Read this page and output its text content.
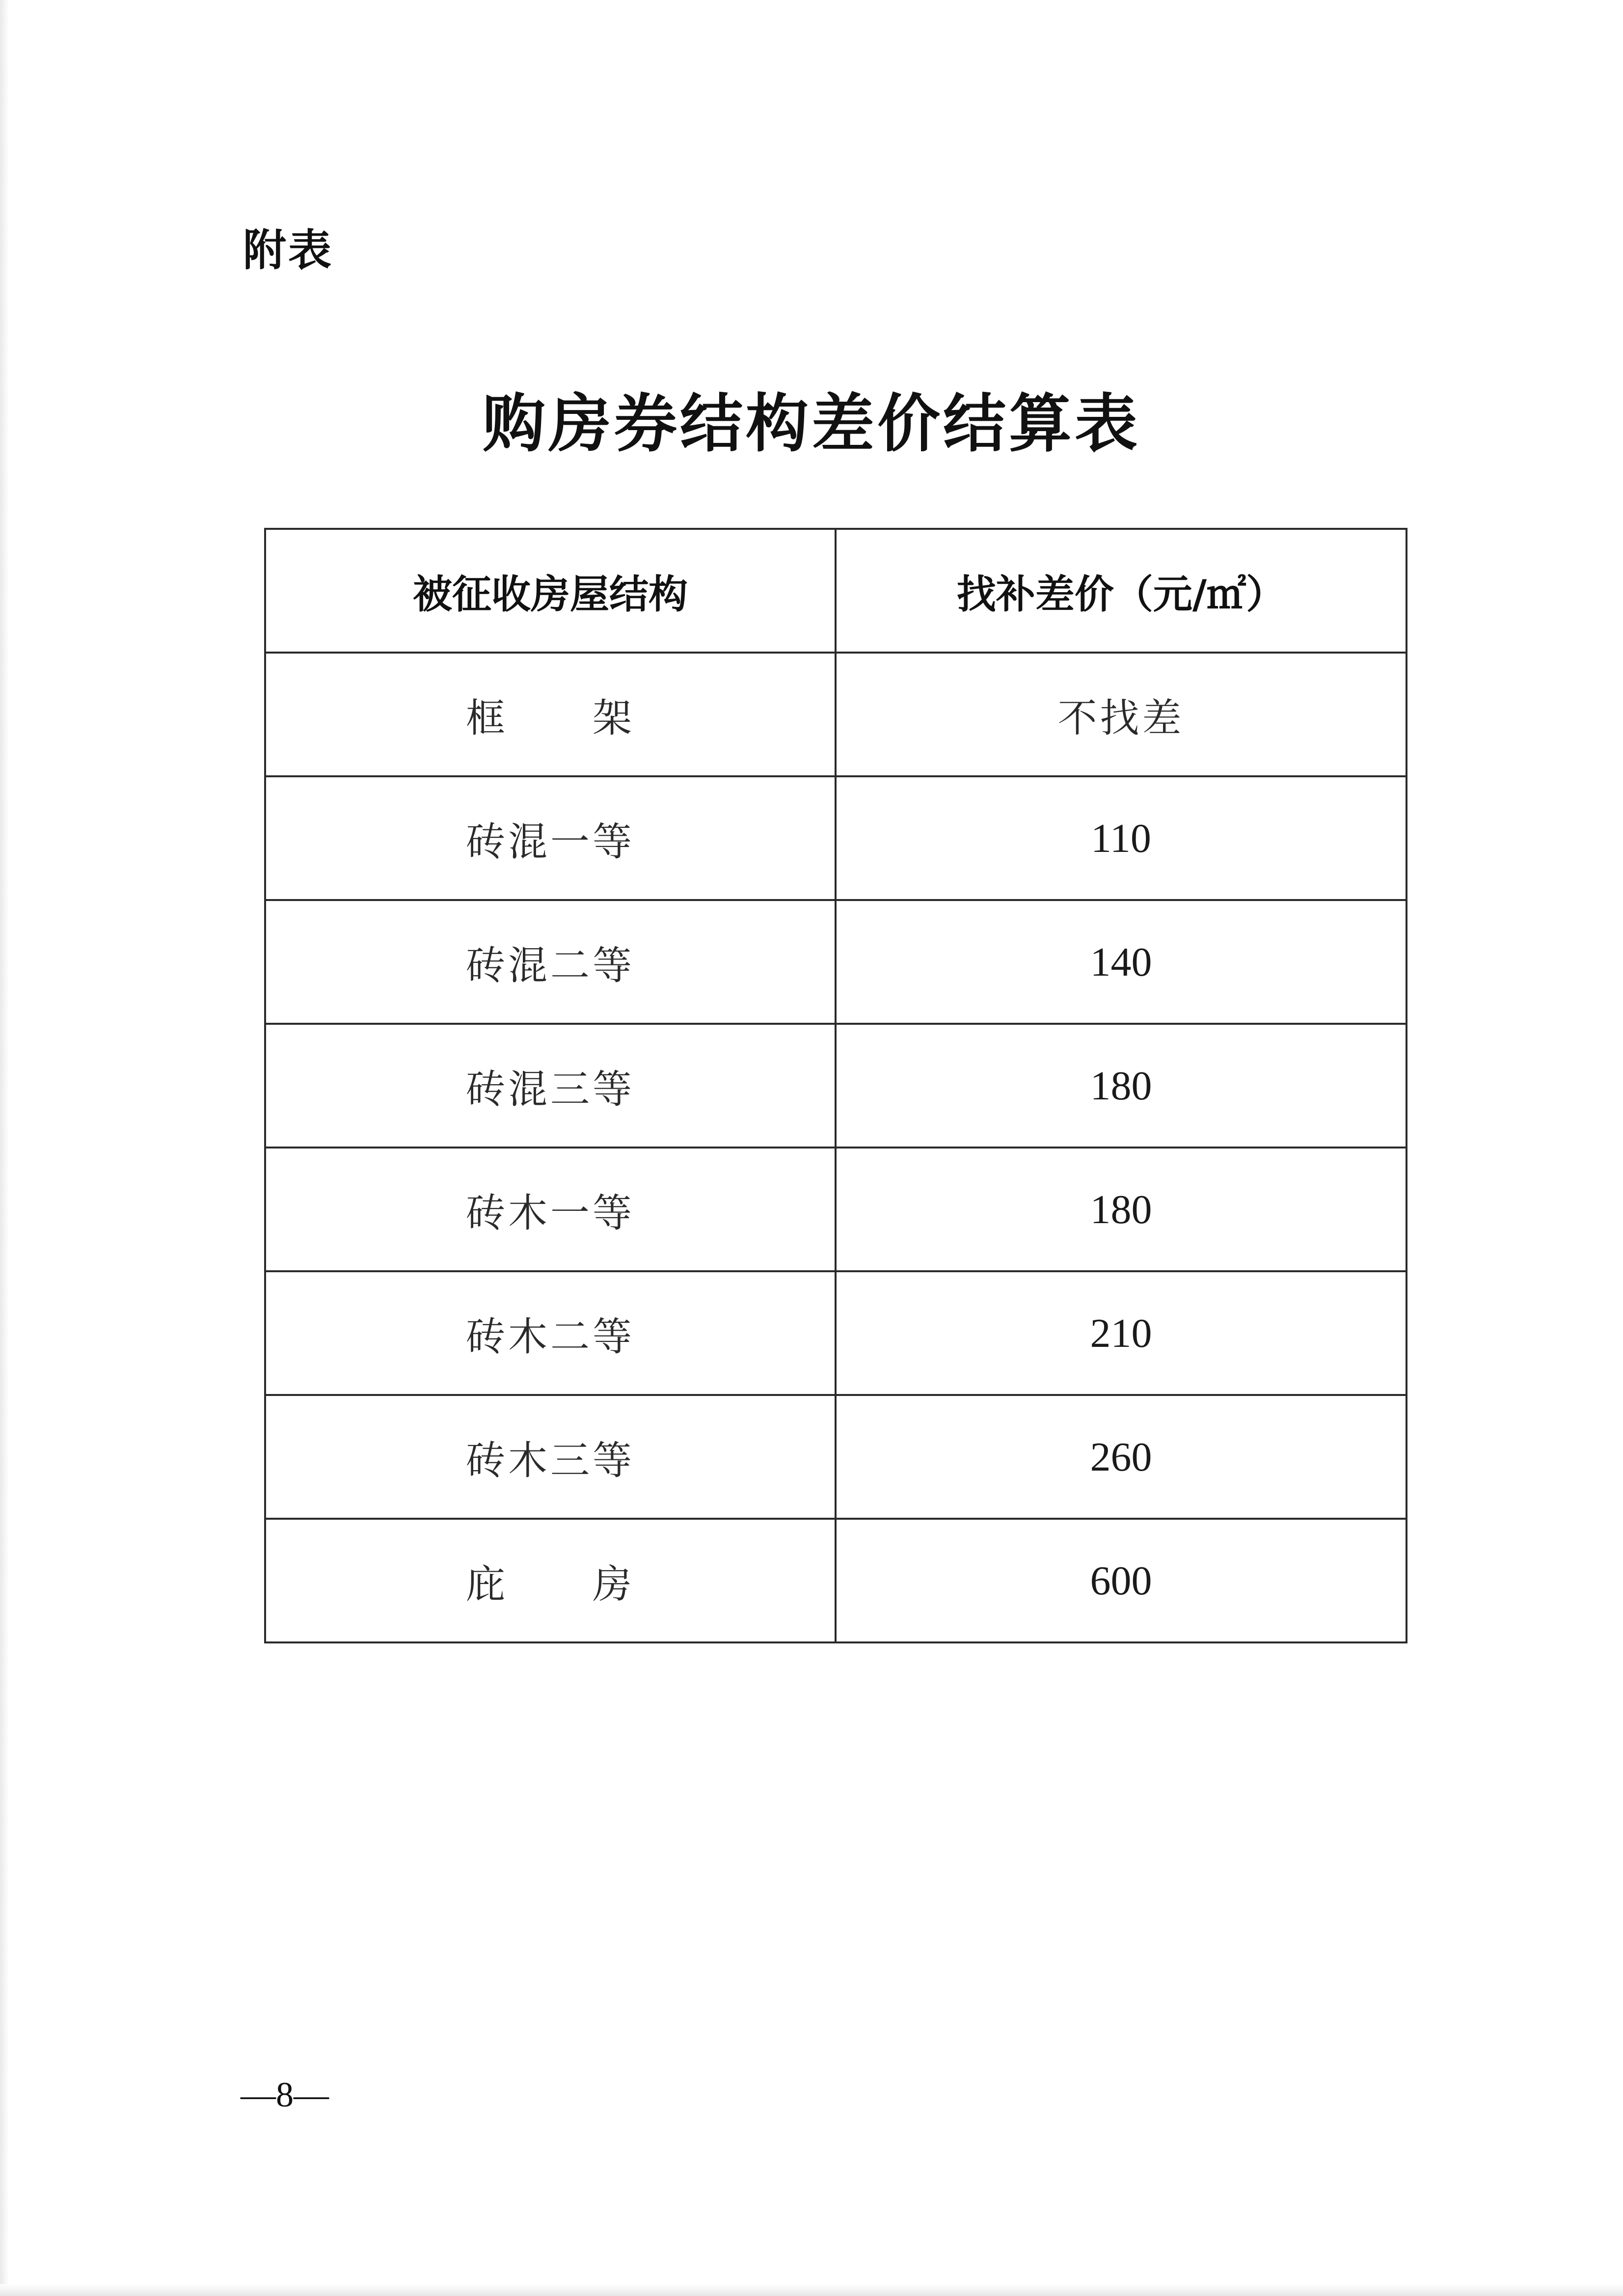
附表
购房券结构差价结算表
被征收房屋结构	找补差价（元/㎡）
框　　架	不找差
砖混一等	110
砖混二等	140
砖混三等	180
砖木一等	180
砖木二等	210
砖木三等	260
庇　　房	600
—8—
